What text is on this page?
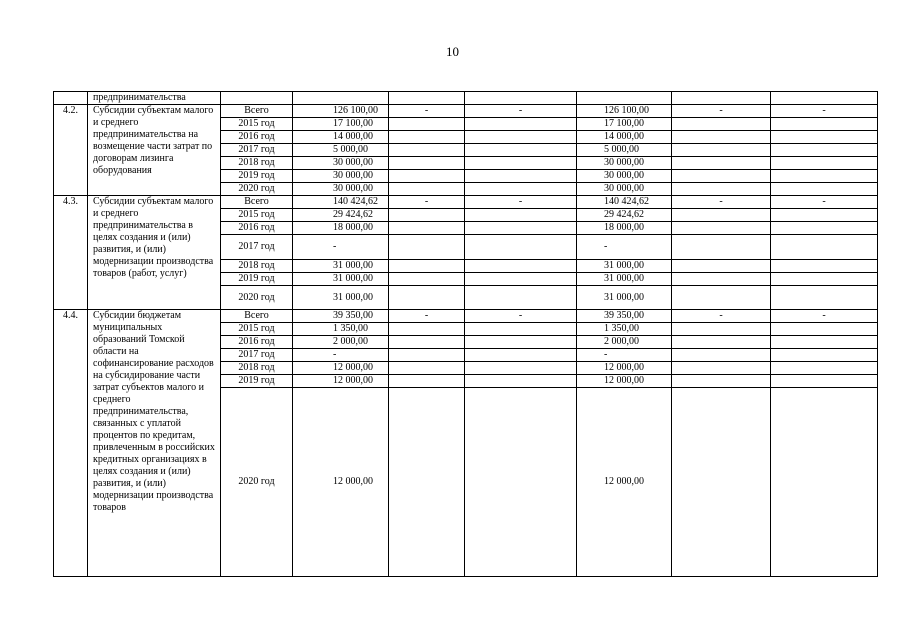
10
	предпринимательства							
4.2.	Субсидии субъектам малого и среднего предпринимательства на возмещение части затрат по договорам лизинга оборудования	Всего	126 100,00	-	-	126 100,00	-	-
		2015 год	17 100,00			17 100,00		
		2016 год	14 000,00			14 000,00		
		2017 год	5 000,00			5 000,00		
		2018 год	30 000,00			30 000,00		
		2019 год	30 000,00			30 000,00		
		2020 год	30 000,00			30 000,00		
4.3.	Субсидии субъектам малого и среднего предпринимательства в целях создания и (или) развития, и (или) модернизации производства товаров (работ, услуг)	Всего	140 424,62	-	-	140 424,62	-	-
		2015 год	29 424,62			29 424,62		
		2016 год	18 000,00			18 000,00		
		2017 год	-			-		
		2018 год	31 000,00			31 000,00		
		2019 год	31 000,00			31 000,00		
		2020 год	31 000,00			31 000,00		
4.4.	Субсидии бюджетам муниципальных образований Томской области на софинансирование расходов на субсидирование части затрат субъектов малого и среднего предпринимательства, связанных с уплатой процентов по кредитам, привлеченным в российских кредитных организациях в целях создания и (или) развития, и (или) модернизации производства товаров	Всего	39 350,00	-	-	39 350,00	-	-
		2015 год	1 350,00			1 350,00		
		2016 год	2 000,00			2 000,00		
		2017 год	-			-		
		2018 год	12 000,00			12 000,00		
		2019 год	12 000,00			12 000,00		
		2020 год	12 000,00			12 000,00		
